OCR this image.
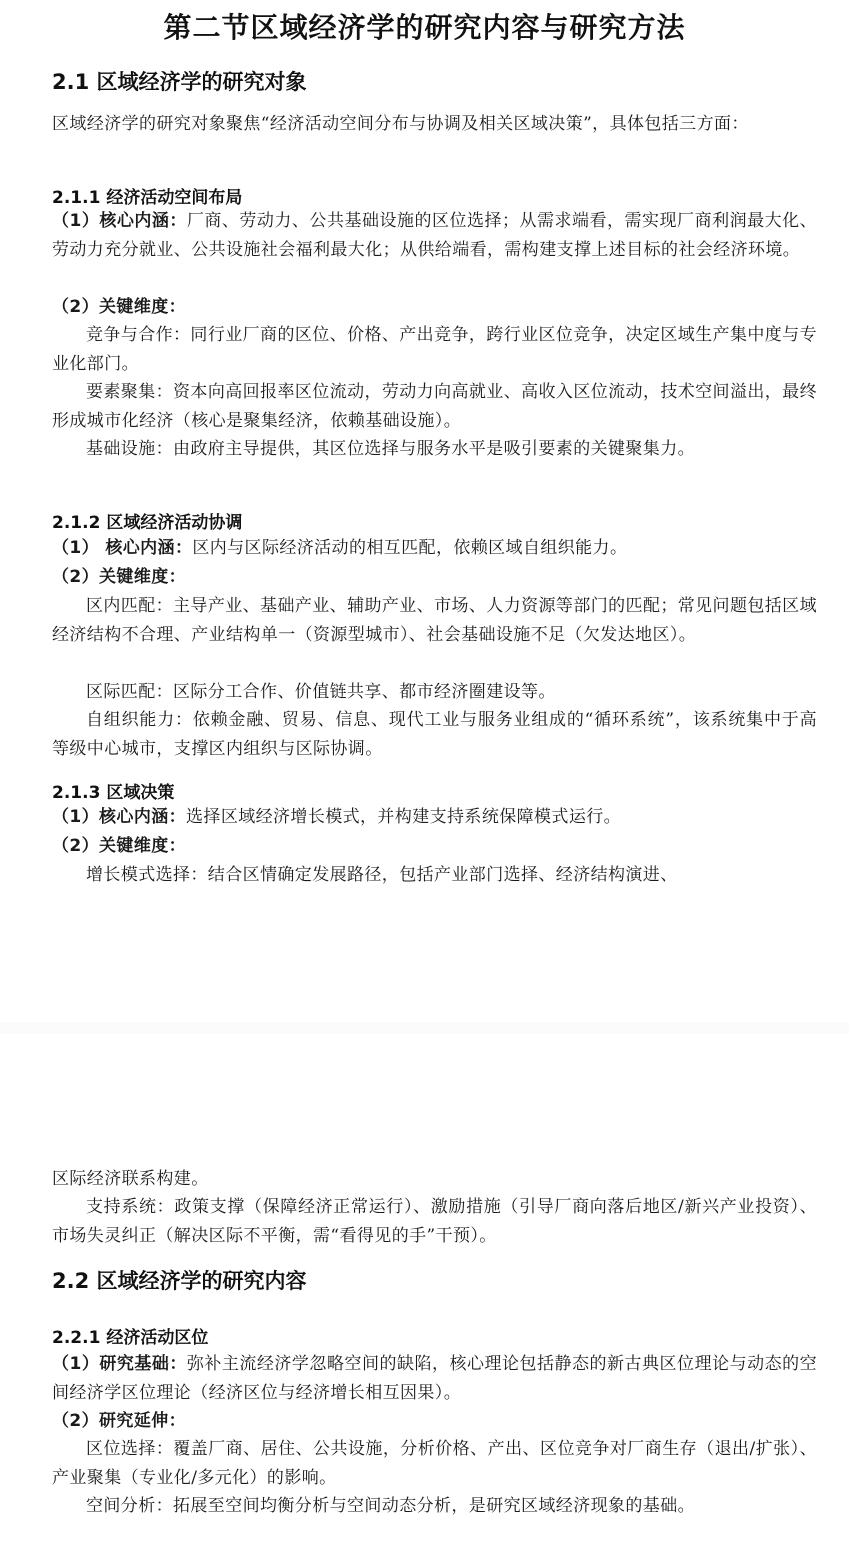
第二节区域经济学的研究内容与研究方法
2.1 区域经济学的研究对象
区域经济学的研究对象聚焦“经济活动空间分布与协调及相关区域决策”，具体包括三方面：
2.1.1 经济活动空间布局
（1）核心内涵：厂商、劳动力、公共基础设施的区位选择；从需求端看，需实现厂商利润最大化、劳动力充分就业、公共设施社会福利最大化；从供给端看，需构建支撑上述目标的社会经济环境。
（2）关键维度：
竞争与合作：同行业厂商的区位、价格、产出竞争，跨行业区位竞争，决定区域生产集中度与专业化部门。
要素聚集：资本向高回报率区位流动，劳动力向高就业、高收入区位流动，技术空间溢出，最终形成城市化经济（核心是聚集经济，依赖基础设施）。
基础设施：由政府主导提供，其区位选择与服务水平是吸引要素的关键聚集力。
2.1.2 区域经济活动协调
（1） 核心内涵：区内与区际经济活动的相互匹配，依赖区域自组织能力。
（2）关键维度：
区内匹配：主导产业、基础产业、辅助产业、市场、人力资源等部门的匹配；常见问题包括区域经济结构不合理、产业结构单一（资源型城市）、社会基础设施不足（欠发达地区）。
区际匹配：区际分工合作、价值链共享、都市经济圈建设等。
自组织能力：依赖金融、贸易、信息、现代工业与服务业组成的“循环系统”，该系统集中于高等级中心城市，支撑区内组织与区际协调。
2.1.3 区域决策
（1）核心内涵：选择区域经济增长模式，并构建支持系统保障模式运行。
（2）关键维度：
增长模式选择：结合区情确定发展路径，包括产业部门选择、经济结构演进、
区际经济联系构建。
支持系统：政策支撑（保障经济正常运行）、激励措施（引导厂商向落后地区/新兴产业投资）、市场失灵纠正（解决区际不平衡，需“看得见的手”干预）。
2.2 区域经济学的研究内容
2.2.1 经济活动区位
（1）研究基础：弥补主流经济学忽略空间的缺陷，核心理论包括静态的新古典区位理论与动态的空间经济学区位理论（经济区位与经济增长相互因果）。
（2）研究延伸：
区位选择：覆盖厂商、居住、公共设施，分析价格、产出、区位竞争对厂商生存（退出/扩张）、产业聚集（专业化/多元化）的影响。
空间分析：拓展至空间均衡分析与空间动态分析，是研究区域经济现象的基础。
